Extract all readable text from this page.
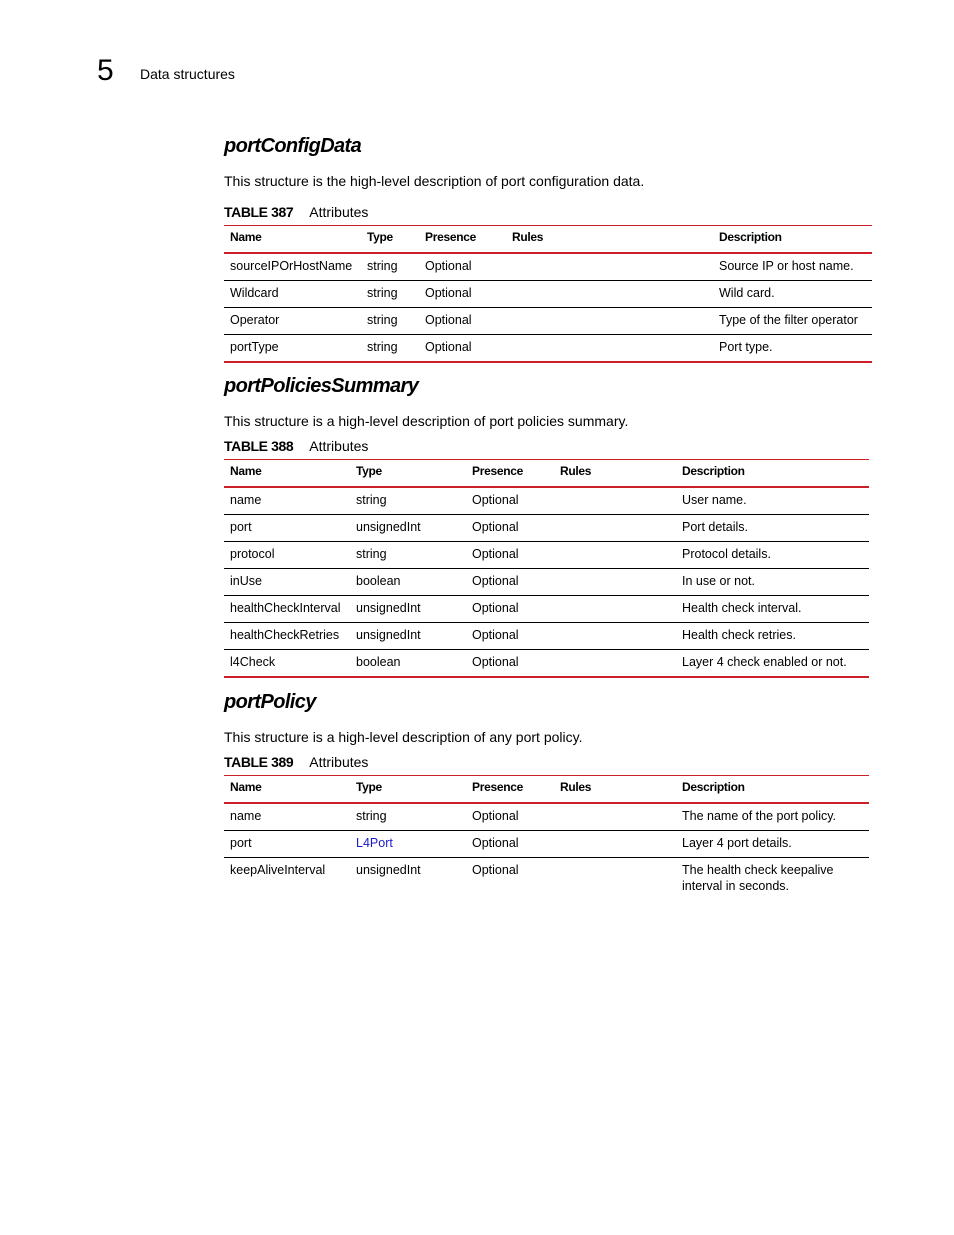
5 Data structures
portConfigData

This structure is the high-level description of port configuration data.

TABLE 387 Attributes

Name	Type	Presence	Rules	Description
sourceIPOrHostName	string	Optional		Source IP or host name.
Wildcard	string	Optional		Wild card.
Operator	string	Optional		Type of the filter operator
portType	string	Optional		Port type.
portPoliciesSummary

This structure is a high-level description of port policies summary.

TABLE 388 Attributes

Name	Type	Presence	Rules	Description
name	string	Optional		User name.
port	unsignedInt	Optional		Port details.
protocol	string	Optional		Protocol details.
inUse	boolean	Optional		In use or not.
healthCheckInterval	unsignedInt	Optional		Health check interval.
healthCheckRetries	unsignedInt	Optional		Health check retries.
l4Check	boolean	Optional		Layer 4 check enabled or not.
portPolicy

This structure is a high-level description of any port policy.

TABLE 389 Attributes

Name	Type	Presence	Rules	Description
name	string	Optional		The name of the port policy.
port	L4Port	Optional		Layer 4 port details.
keepAliveInterval	unsignedInt	Optional		The health check keepalive interval in seconds.
